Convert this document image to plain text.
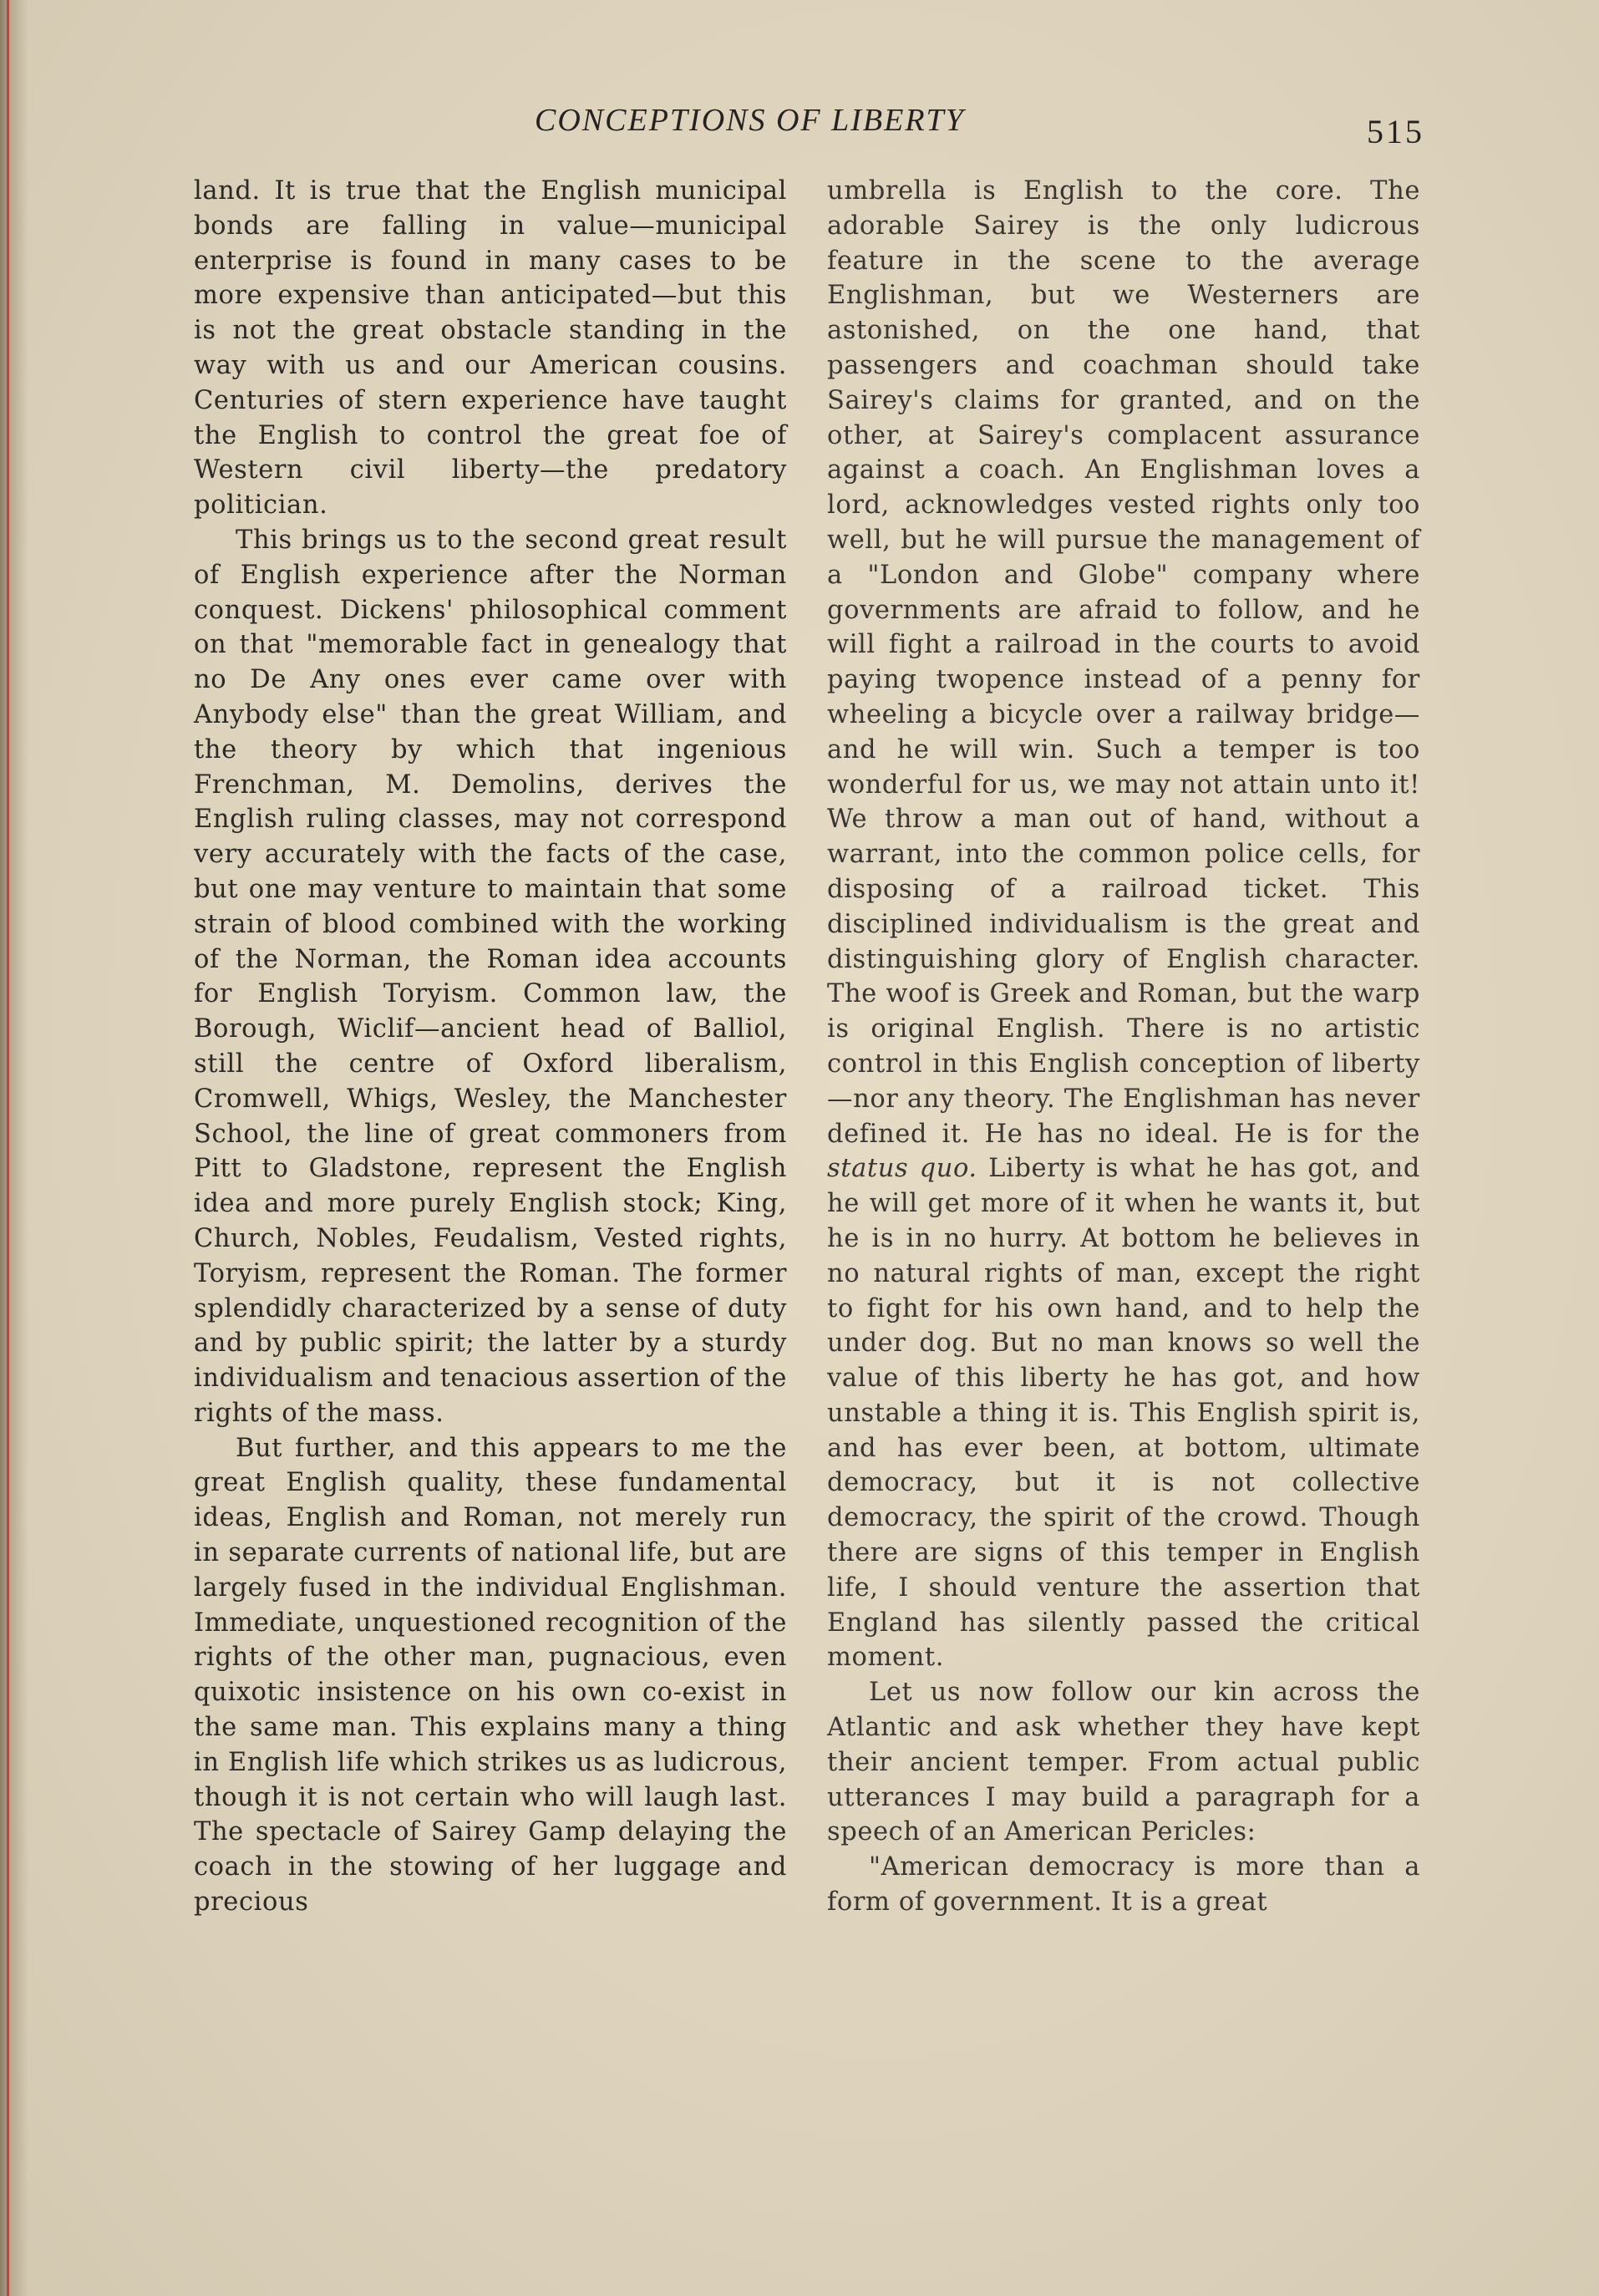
CONCEPTIONS OF LIBERTY	515

land. It is true that the English municipal bonds are falling in value—municipal enterprise is found in many cases to be more expensive than anticipated—but this is not the great obstacle standing in the way with us and our American cousins. Centuries of stern experience have taught the English to control the great foe of Western civil liberty—the predatory politician.

This brings us to the second great result of English experience after the Norman conquest. Dickens' philosophical comment on that "memorable fact in genealogy that no De Any ones ever came over with Anybody else" than the great William, and the theory by which that ingenious Frenchman, M. Demolins, derives the English ruling classes, may not correspond very accurately with the facts of the case, but one may venture to maintain that some strain of blood combined with the working of the Norman, the Roman idea accounts for English Toryism. Common law, the Borough, Wiclif—ancient head of Balliol, still the centre of Oxford liberalism, Cromwell, Whigs, Wesley, the Manchester School, the line of great commoners from Pitt to Gladstone, represent the English idea and more purely English stock; King, Church, Nobles, Feudalism, Vested rights, Toryism, represent the Roman. The former splendidly characterized by a sense of duty and by public spirit; the latter by a sturdy individualism and tenacious assertion of the rights of the mass.

But further, and this appears to me the great English quality, these fundamental ideas, English and Roman, not merely run in separate currents of national life, but are largely fused in the individual Englishman. Immediate, unquestioned recognition of the rights of the other man, pugnacious, even quixotic insistence on his own co-exist in the same man. This explains many a thing in English life which strikes us as ludicrous, though it is not certain who will laugh last. The spectacle of Sairey Gamp delaying the coach in the stowing of her luggage and precious

umbrella is English to the core. The adorable Sairey is the only ludicrous feature in the scene to the average Englishman, but we Westerners are astonished, on the one hand, that passengers and coachman should take Sairey's claims for granted, and on the other, at Sairey's complacent assurance against a coach. An Englishman loves a lord, acknowledges vested rights only too well, but he will pursue the management of a "London and Globe" company where governments are afraid to follow, and he will fight a railroad in the courts to avoid paying twopence instead of a penny for wheeling a bicycle over a railway bridge—and he will win. Such a temper is too wonderful for us, we may not attain unto it! We throw a man out of hand, without a warrant, into the common police cells, for disposing of a railroad ticket. This disciplined individualism is the great and distinguishing glory of English character. The woof is Greek and Roman, but the warp is original English. There is no artistic control in this English conception of liberty—nor any theory. The Englishman has never defined it. He has no ideal. He is for the status quo. Liberty is what he has got, and he will get more of it when he wants it, but he is in no hurry. At bottom he believes in no natural rights of man, except the right to fight for his own hand, and to help the under dog. But no man knows so well the value of this liberty he has got, and how unstable a thing it is. This English spirit is, and has ever been, at bottom, ultimate democracy, but it is not collective democracy, the spirit of the crowd. Though there are signs of this temper in English life, I should venture the assertion that England has silently passed the critical moment.

Let us now follow our kin across the Atlantic and ask whether they have kept their ancient temper. From actual public utterances I may build a paragraph for a speech of an American Pericles:

"American democracy is more than a form of government. It is a great
